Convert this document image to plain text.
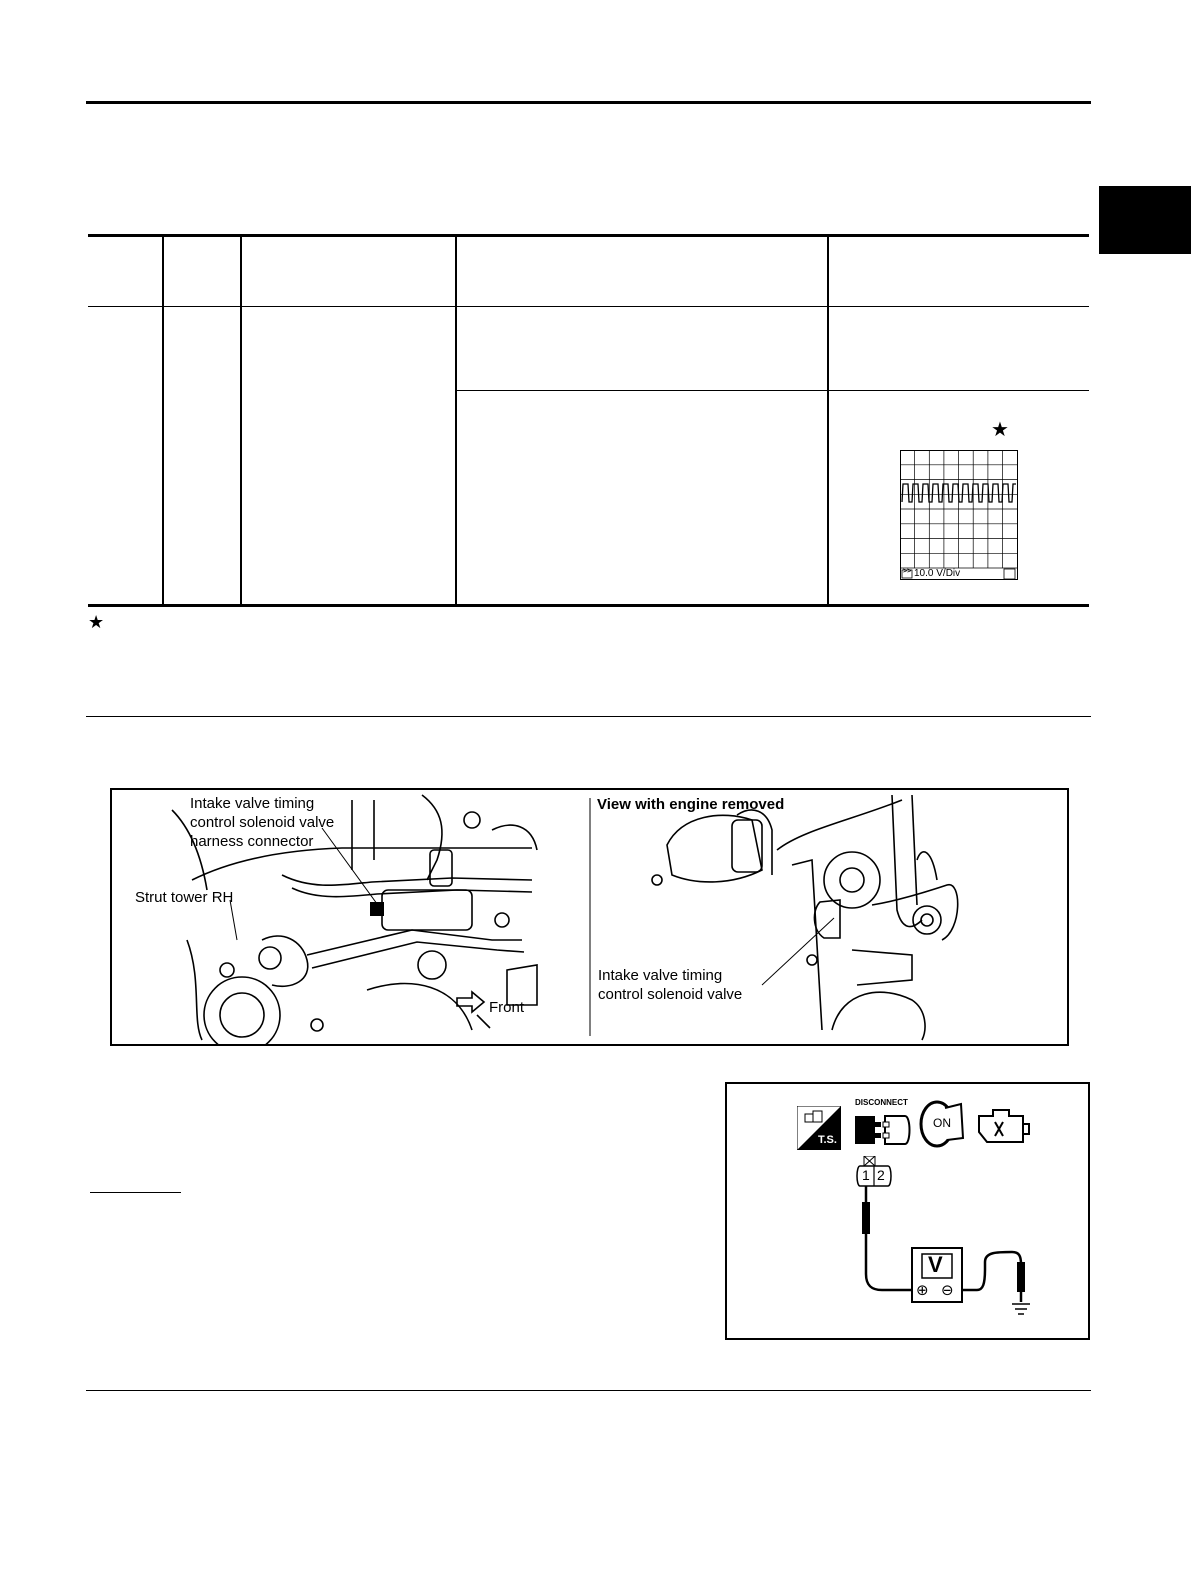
★
>> 10.0 V/Div
★
Intake valve timing
control solenoid valve
harness connector
Strut tower RH
Front
View with engine removed
Intake valve timing
control solenoid valve
T.S.
DISCONNECT
ON
1 2
V
⊕ ⊖
